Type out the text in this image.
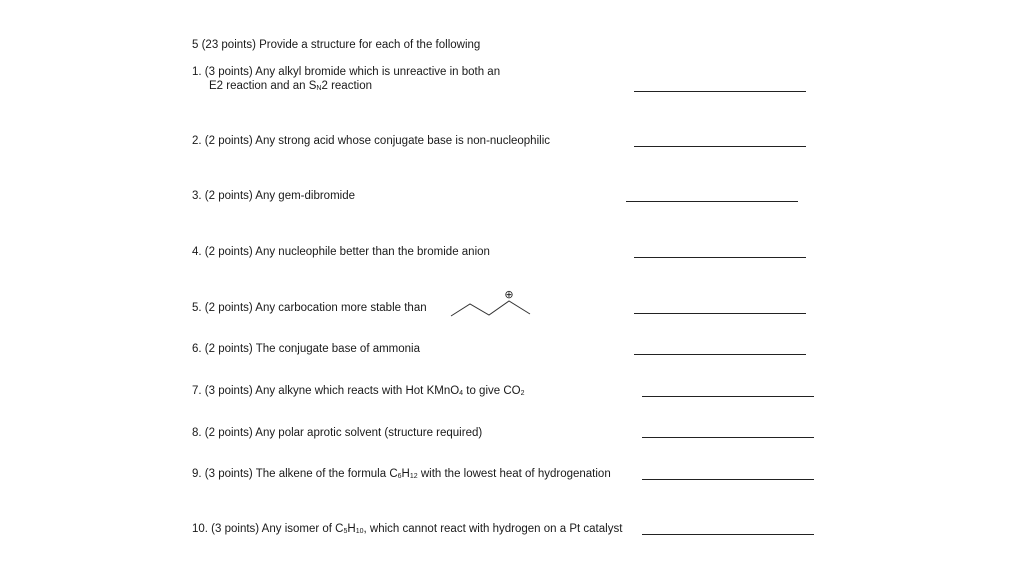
5 (23 points) Provide a structure for each of the following
1. (3 points) Any alkyl bromide which is unreactive in both an
E2 reaction and an $S_N2$ reaction
2. (2 points) Any strong acid whose conjugate base is non-nucleophilic
3. (2 points) Any gem-dibromide
4. (2 points) Any nucleophile better than the bromide anion
5. (2 points) Any carbocation more stable than
⊕
6. (2 points) The conjugate base of ammonia
7. (3 points) Any alkyne which reacts with Hot KMnO$_4$ to give $CO_2$
8. (2 points) Any polar aprotic solvent (structure required)
9. (3 points) The alkene of the formula $C_6H_{12}$ with the lowest heat of hydrogenation
10. (3 points) Any isomer of $C_5H_{10}$, which cannot react with hydrogen on a Pt catalyst
